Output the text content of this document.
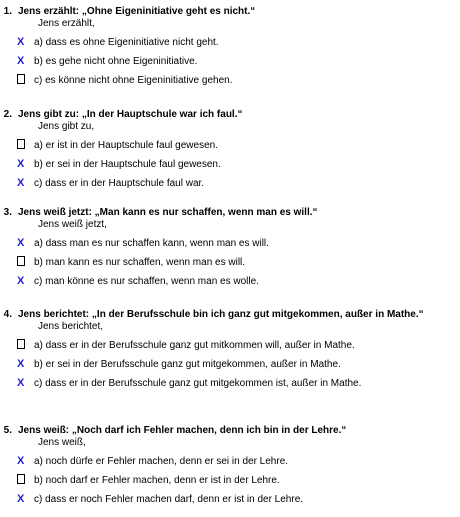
1. Jens erzählt: „Ohne Eigeninitiative geht es nicht.“
Jens erzählt,
X a) dass es ohne Eigeninitiative nicht geht.
X b) es gehe nicht ohne Eigeninitiative.
c) es könne nicht ohne Eigeninitiative gehen.
2. Jens gibt zu: „In der Hauptschule war ich faul.“
Jens gibt zu,
a) er ist in der Hauptschule faul gewesen.
X b) er sei in der Hauptschule faul gewesen.
X c) dass er in der Hauptschule faul war.
3. Jens weiß jetzt: „Man kann es nur schaffen, wenn man es will.“
Jens weiß jetzt,
X a) dass man es nur schaffen kann, wenn man es will.
b) man kann es nur schaffen, wenn man es will.
X c) man könne es nur schaffen, wenn man es wolle.
4. Jens berichtet: „In der Berufsschule bin ich ganz gut mitgekommen, außer in Mathe.“
Jens berichtet,
a) dass er in der Berufsschule ganz gut mitkommen will, außer in Mathe.
X b) er sei in der Berufsschule ganz gut mitgekommen, außer in Mathe.
X c) dass er in der Berufsschule ganz gut mitgekommen ist, außer in Mathe.
5. Jens weiß: „Noch darf ich Fehler machen, denn ich bin in der Lehre.“
Jens weiß,
X a) noch dürfe er Fehler machen, denn er sei in der Lehre.
b) noch darf er Fehler machen, denn er ist in der Lehre.
X c) dass er noch Fehler machen darf, denn er ist in der Lehre.
